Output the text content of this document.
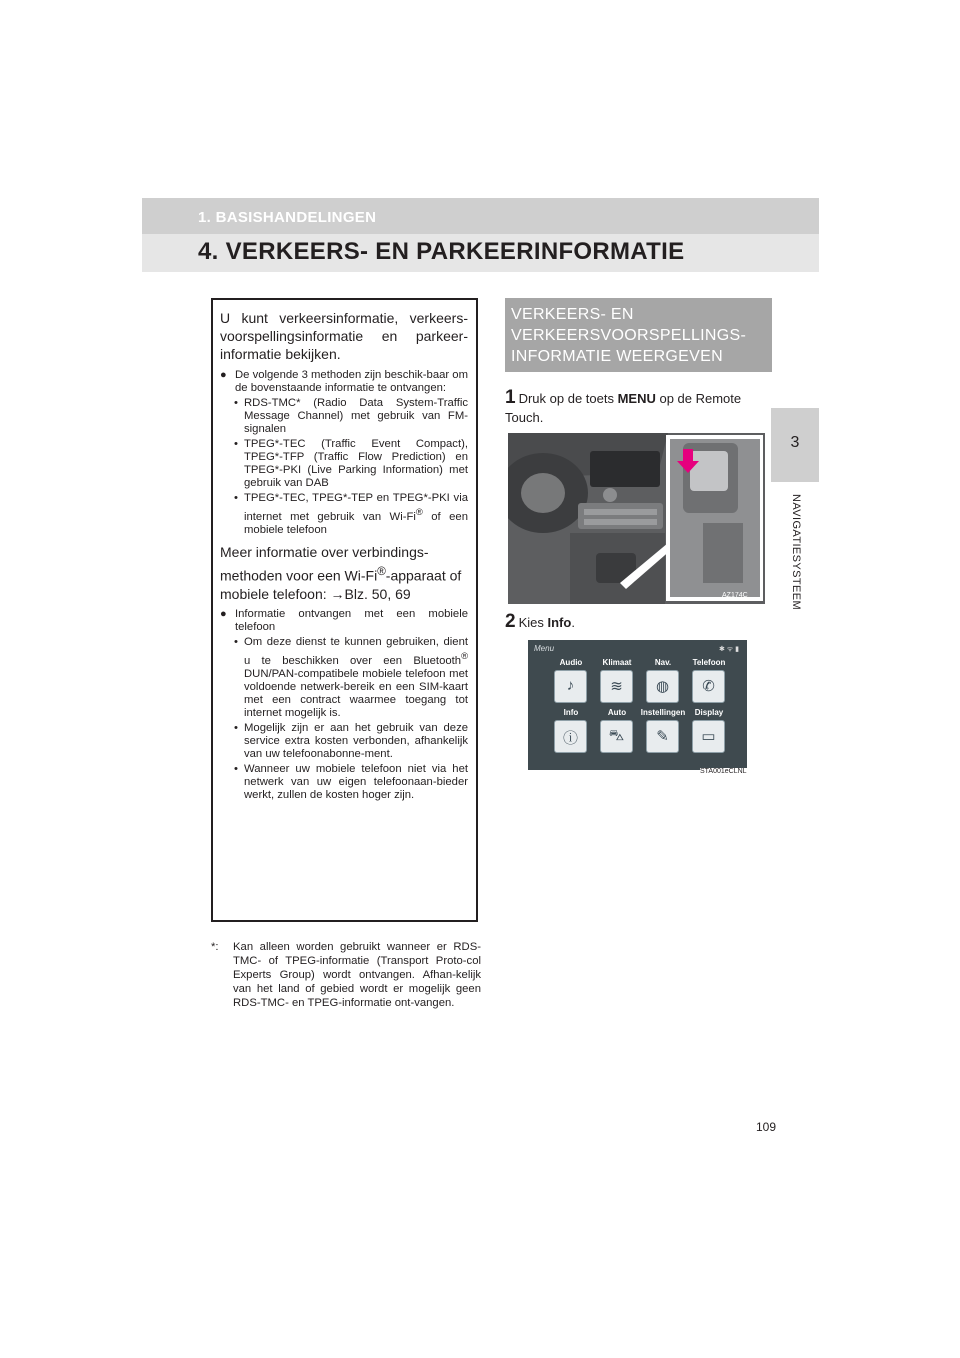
1. BASISHANDELINGEN
4. VERKEERS- EN PARKEERINFORMATIE
3
NAVIGATIESYSTEEM
U kunt verkeersinformatie, verkeers-voorspellingsinformatie en parkeer-informatie bekijken.
● De volgende 3 methoden zijn beschik-baar om de bovenstaande informatie te ontvangen:
• RDS-TMC* (Radio Data System-Traffic Message Channel) met gebruik van FM-signalen
• TPEG*-TEC (Traffic Event Compact), TPEG*-TFP (Traffic Flow Prediction) en TPEG*-PKI (Live Parking Information) met gebruik van DAB
• TPEG*-TEC, TPEG*-TEP en TPEG*-PKI via internet met gebruik van Wi-Fi® of een mobiele telefoon
Meer informatie over verbindings-methoden voor een Wi-Fi®-apparaat of mobiele telefoon: →Blz. 50, 69
● Informatie ontvangen met een mobiele telefoon
• Om deze dienst te kunnen gebruiken, dient u te beschikken over een Bluetooth® DUN/PAN-compatibele mobiele telefoon met voldoende netwerk-bereik en een SIM-kaart met een contract waarmee toegang tot internet mogelijk is.
• Mogelijk zijn er aan het gebruik van deze service extra kosten verbonden, afhankelijk van uw telefoonabonne-ment.
• Wanneer uw mobiele telefoon niet via het netwerk van uw eigen telefoonaan-bieder werkt, zullen de kosten hoger zijn.
*:	Kan alleen worden gebruikt wanneer er RDS-TMC- of TPEG-informatie (Transport Proto-col Experts Group) wordt ontvangen. Afhan-kelijk van het land of gebied wordt er mogelijk geen RDS-TMC- en TPEG-informatie ont-vangen.
VERKEERS- EN
VERKEERSVOORSPELLINGS-
INFORMATIE WEERGEVEN
1 Druk op de toets MENU op de Remote Touch.
AZ174C
2 Kies Info.
Menu	✱ ᯤ ▮
Audio
♪
Klimaat
≋
Nav.
◍
Telefoon
✆
Info
ⓘ
Auto
⛍
Instellingen
✎
Display
▭
STA001eCLNL
109
